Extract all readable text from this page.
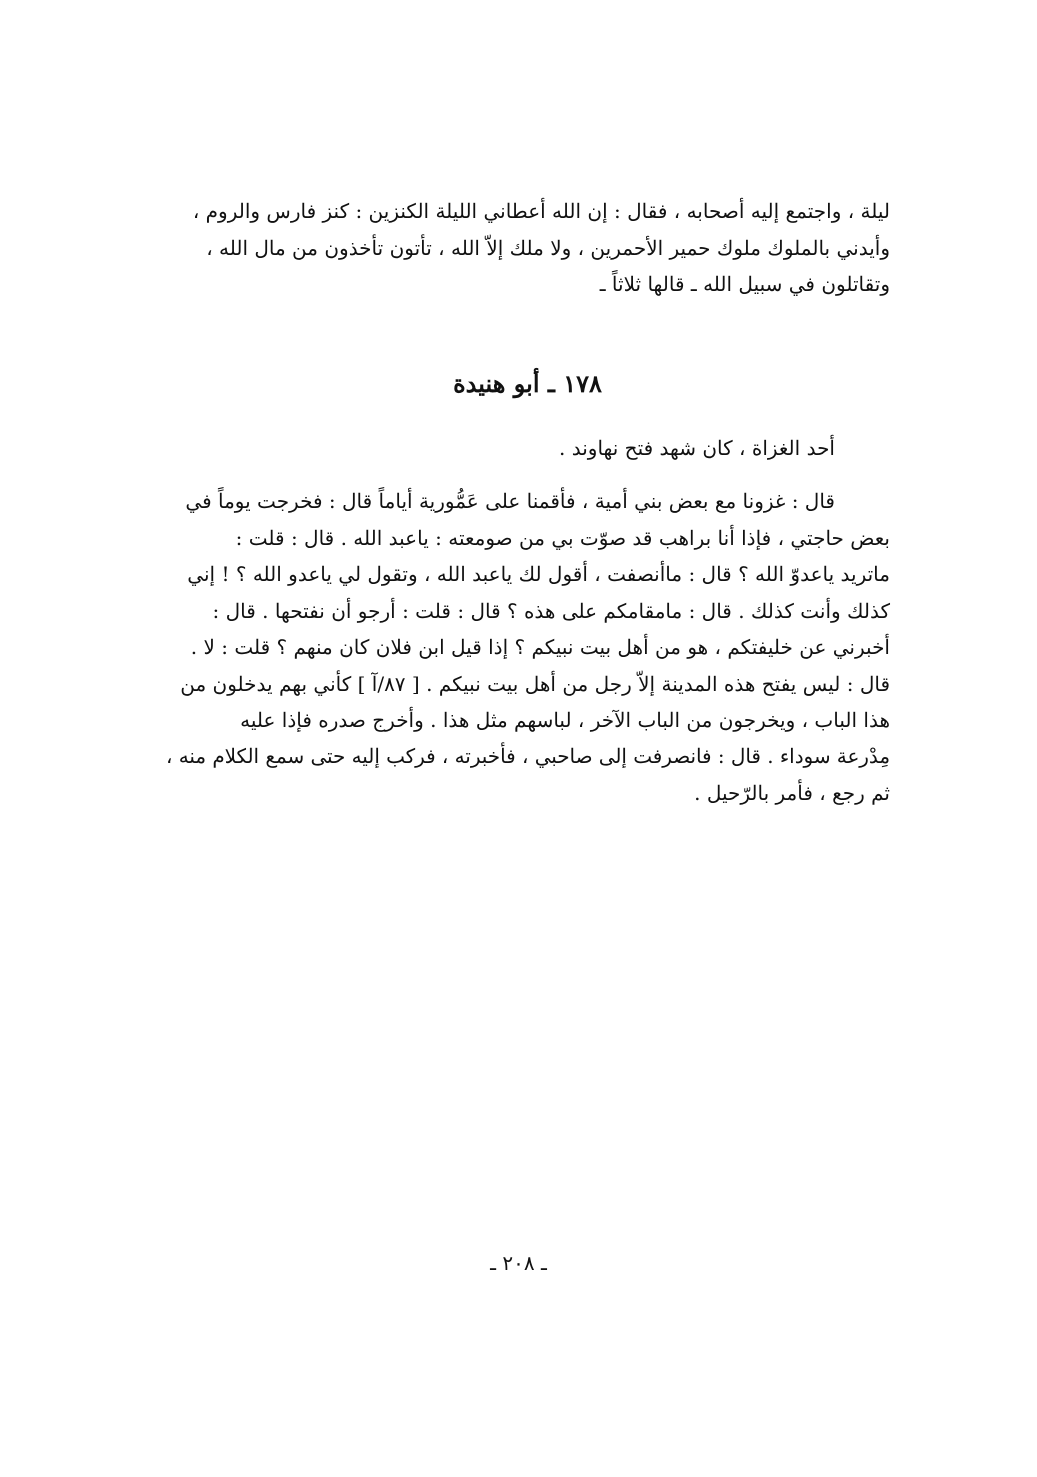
ليلة ، واجتمع إليه أصحابه ، فقال : إن الله أعطاني الليلة الكنزين : كنز فارس والروم ،
وأيدني بالملوك ملوك حمير الأحمرين ، ولا ملك إلاّ الله ، تأتون تأخذون من مال الله ،
وتقاتلون في سبيل الله ـ قالها ثلاثاً ـ
١٧٨ ـ أبو هنيدة
أحد الغزاة ، كان شهد فتح نهاوند .
قال : غزونا مع بعض بني أمية ، فأقمنا على عَمُّورية أياماً قال : فخرجت يوماً في
بعض حاجتي ، فإذا أنا براهب قد صوّت بي من صومعته : ياعبد الله . قال : قلت :
ماتريد ياعدوّ الله ؟ قال : ماأنصفت ، أقول لك ياعبد الله ، وتقول لي ياعدو الله ؟ ! إني
كذلك وأنت كذلك . قال : مامقامكم على هذه ؟ قال : قلت : أرجو أن نفتحها . قال :
أخبرني عن خليفتكم ، هو من أهل بيت نبيكم ؟ إذا قيل ابن فلان كان منهم ؟ قلت : لا .
قال : ليس يفتح هذه المدينة إلاّ رجل من أهل بيت نبيكم . [ ٨٧/آ ] كأني بهم يدخلون من
هذا الباب ، ويخرجون من الباب الآخر ، لباسهم مثل هذا . وأخرج صدره فإذا عليه
مِدْرعة سوداء . قال : فانصرفت إلى صاحبي ، فأخبرته ، فركب إليه حتى سمع الكلام منه ،
ثم رجع ، فأمر بالرّحيل .
ـ ٢٠٨ ـ
